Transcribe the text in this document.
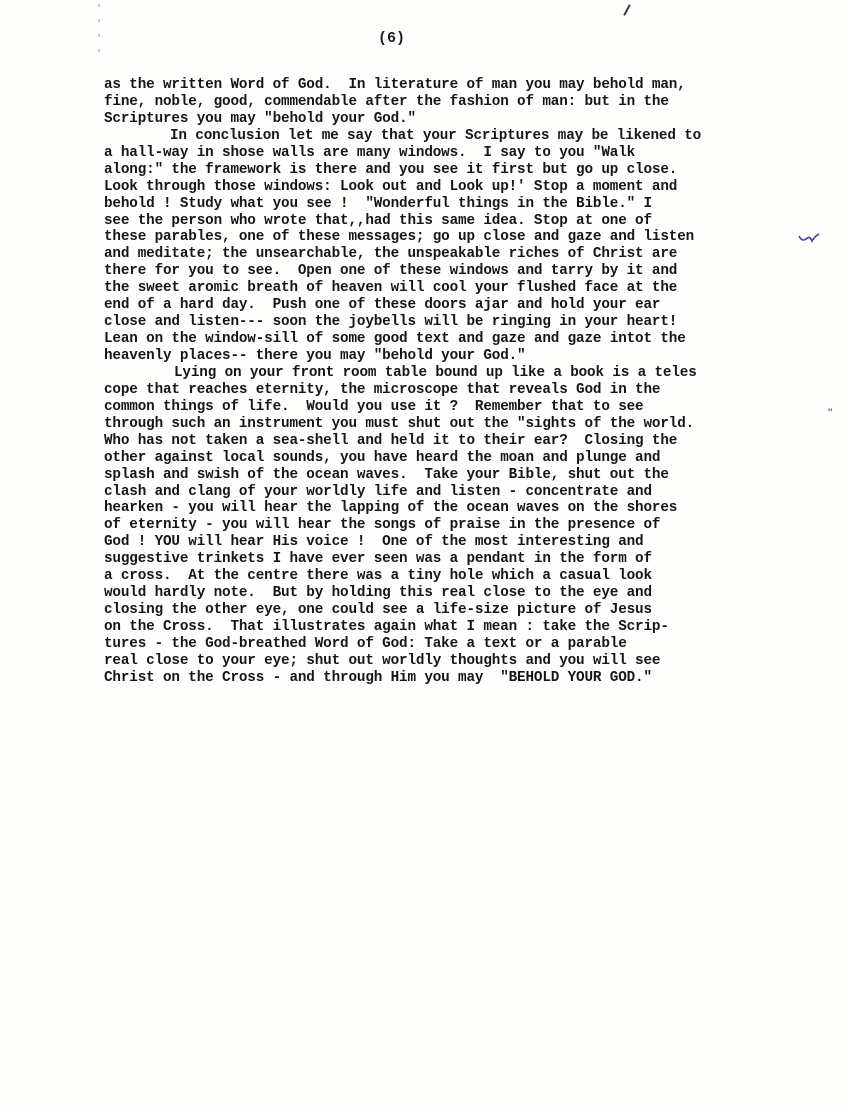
(6)
as the written Word of God.  In literature of man you may behold man,
fine, noble, good, commendable after the fashion of man: but in the
Scriptures you may "behold your God."
In conclusion let me say that your Scriptures may be likened to
a hall-way in shose walls are many windows.  I say to you "Walk
along:" the framework is there and you see it first but go up close.
Look through those windows: Look out and Look up!' Stop a moment and
behold ! Study what you see !  "Wonderful things in the Bible." I
see the person who wrote that,,had this same idea. Stop at one of
these parables, one of these messages; go up close and gaze and listen
and meditate; the unsearchable, the unspeakable riches of Christ are
there for you to see.  Open one of these windows and tarry by it and
the sweet aromic breath of heaven will cool your flushed face at the
end of a hard day.  Push one of these doors ajar and hold your ear
close and listen--- soon the joybells will be ringing in your heart!
Lean on the window-sill of some good text and gaze and gaze intot the
heavenly places-- there you may "behold your God."
Lying on your front room table bound up like a book is a teles
cope that reaches eternity, the microscope that reveals God in the
common things of life.  Would you use it ?  Remember that to see
through such an instrument you must shut out the "sights of the world.
Who has not taken a sea-shell and held it to their ear?  Closing the
other against local sounds, you have heard the moan and plunge and
splash and swish of the ocean waves.  Take your Bible, shut out the
clash and clang of your worldly life and listen - concentrate and
hearken - you will hear the lapping of the ocean waves on the shores
of eternity - you will hear the songs of praise in the presence of
God ! YOU will hear His voice !  One of the most interesting and
suggestive trinkets I have ever seen was a pendant in the form of
a cross.  At the centre there was a tiny hole which a casual look
would hardly note.  But by holding this real close to the eye and
closing the other eye, one could see a life-size picture of Jesus
on the Cross.  That illustrates again what I mean : take the Scrip-
tures - the God-breathed Word of God: Take a text or a parable
real close to your eye; shut out worldly thoughts and you will see
Christ on the Cross - and through Him you may  "BEHOLD YOUR GOD."
"
